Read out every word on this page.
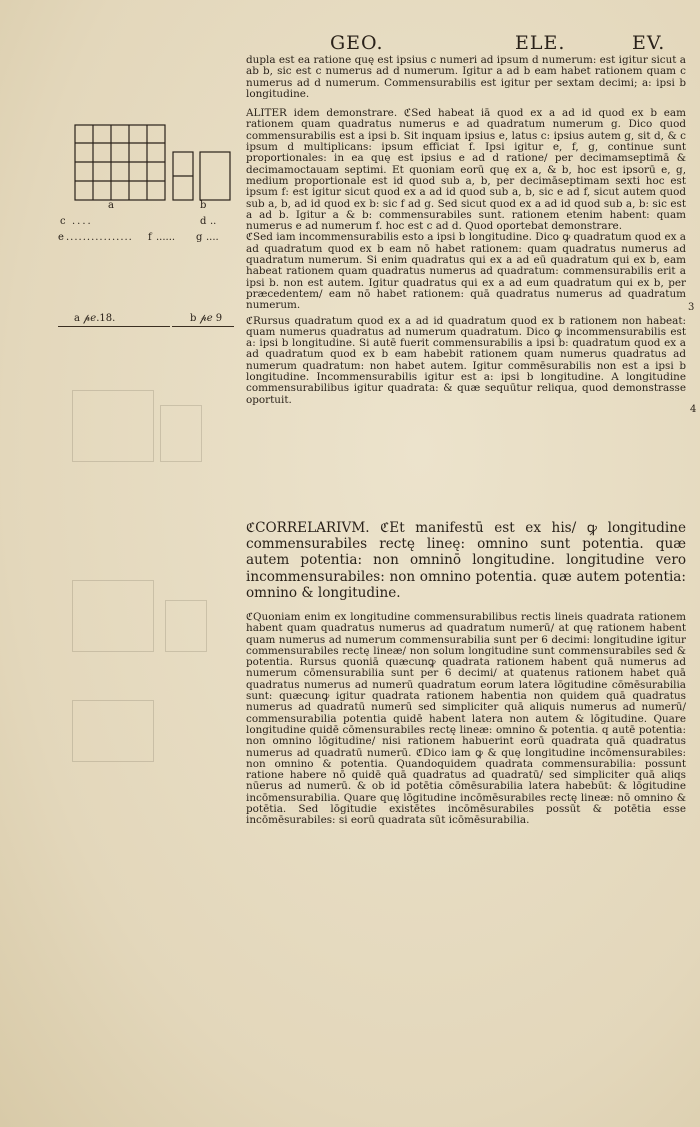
GEO.	ELE.	EV.
a	b
c ....	d ..
e ................ f ...... g ....
a 𝓅𝑒.18.	b 𝓅𝑒 9
3
4

dupla est ea ratione quę est ipsius c numeri ad ipsum d numerum: est igitur sicut a ab b, sic est c numerus ad d numerum. Igitur a ad b eam habet rationem quam c numerus ad d numerum. Commensurabilis est igitur per sextam decimi; a: ipsi b longitudine.

ALITER idem demonstrare. ℭSed habeat iā quod ex a ad id quod ex b eam rationem quam quadratus numerus e ad quadratum numerum g. Dico quod commensurabilis est a ipsi b. Sit inquam ipsius e, latus c: ipsius autem g, sit d, & c ipsum d multiplicans: ipsum efficiat f. Ipsi igitur e, f, g, continue sunt proportionales: in ea quę est ipsius e ad d ratione/ per decimamseptimā & decimamoctauam septimi. Et quoniam eorū quę ex a, & b, hoc est ipsorū e, g, medium proportionale est id quod sub a, b, per decimāseptimam sexti hoc est ipsum f: est igitur sicut quod ex a ad id quod sub a, b, sic e ad f, sicut autem quod sub a, b, ad id quod ex b: sic f ad g. Sed sicut quod ex a ad id quod sub a, b: sic est a ad b. Igitur a & b: commensurabiles sunt. rationem etenim habent: quam numerus e ad numerum f. hoc est c ad d. Quod oportebat demonstrare.

ℭSed iam incommensurabilis esto a ipsi b longitudine. Dico ꝙ quadratum quod ex a ad quadratum quod ex b eam nō habet rationem: quam quadratus numerus ad quadratum numerum. Si enim quadratus qui ex a ad eū quadratum qui ex b, eam habeat rationem quam quadratus numerus ad quadratum: commensurabilis erit a ipsi b. non est autem. Igitur quadratus qui ex a ad eum quadratum qui ex b, per præcedentem/ eam nō habet rationem: quā quadratus numerus ad quadratum numerum.

ℭRursus quadratum quod ex a ad id quadratum quod ex b rationem non habeat: quam numerus quadratus ad numerum quadratum. Dico ꝙ incommensurabilis est a: ipsi b longitudine. Si autē fuerit commensurabilis a ipsi b: quadratum quod ex a ad quadratum quod ex b eam habebit rationem quam numerus quadratus ad numerum quadratum: non habet autem. Igitur commēsurabilis non est a ipsi b longitudine. Incommensurabilis igitur est a: ipsi b longitudine. A longitudine commensurabilibus igitur quadrata: & quæ sequūtur reliqua, quod demonstrasse oportuit.

ℭCORRELARIVM. ℭEt manifestū est ex his/ ꝙ longitudine commensurabiles rectę lineę: omnino sunt potentia. quæ autem potentia: non omninō longitudine. longitudine vero incommensurabiles: non omnino potentia. quæ autem potentia: omnino & longitudine.
ℭQuoniam enim ex longitudine commensurabilibus rectis lineis quadrata rationem habent quam quadratus numerus ad quadratum numerū/ at quę rationem habent quam numerus ad numerum commensurabilia sunt per 6 decimi: longitudine igitur commensurabiles rectę lineæ/ non solum longitudine sunt commensurabiles sed & potentia. Rursus quoniā quæcunꝙ quadrata rationem habent quā numerus ad numerum cōmensurabilia sunt per 6 decimi/ at quatenus rationem habet quā quadratus numerus ad numerū quadratum eorum latera lōgitudine cōmēsurabilia sunt: quæcunꝙ igitur quadrata rationem habentia non quidem quā quadratus numerus ad quadratū numerū sed simpliciter quā aliquis numerus ad numerū/ commensurabilia potentia quidē habent latera non autem & lōgitudine. Quare longitudine quidē cōmensurabiles rectę lineæ: omnino & potentia. q autē potentia: non omnino lōgitudine/ nisi rationem habuerint eorū quadrata quā quadratus numerus ad quadratū numerū. ℭDico iam ꝙ & quę longitudine incōmensurabiles: non omnino & potentia. Quandoquidem quadrata commensurabilia: possunt ratione habere nō quidē quā quadratus ad quadratū/ sed simpliciter quā aliqs nūerus ad numerū. & ob id potētia cōmēsurabilia latera habebūt: & lōgitudine incōmensurabilia. Quare quę lōgitudine incōmēsurabiles rectę lineæ: nō omnino & potētia. Sed lōgitudie existētes incōmēsurabiles possūt & potētia esse incōmēsurabiles: si eorū quadrata sūt icōmēsurabilia.
